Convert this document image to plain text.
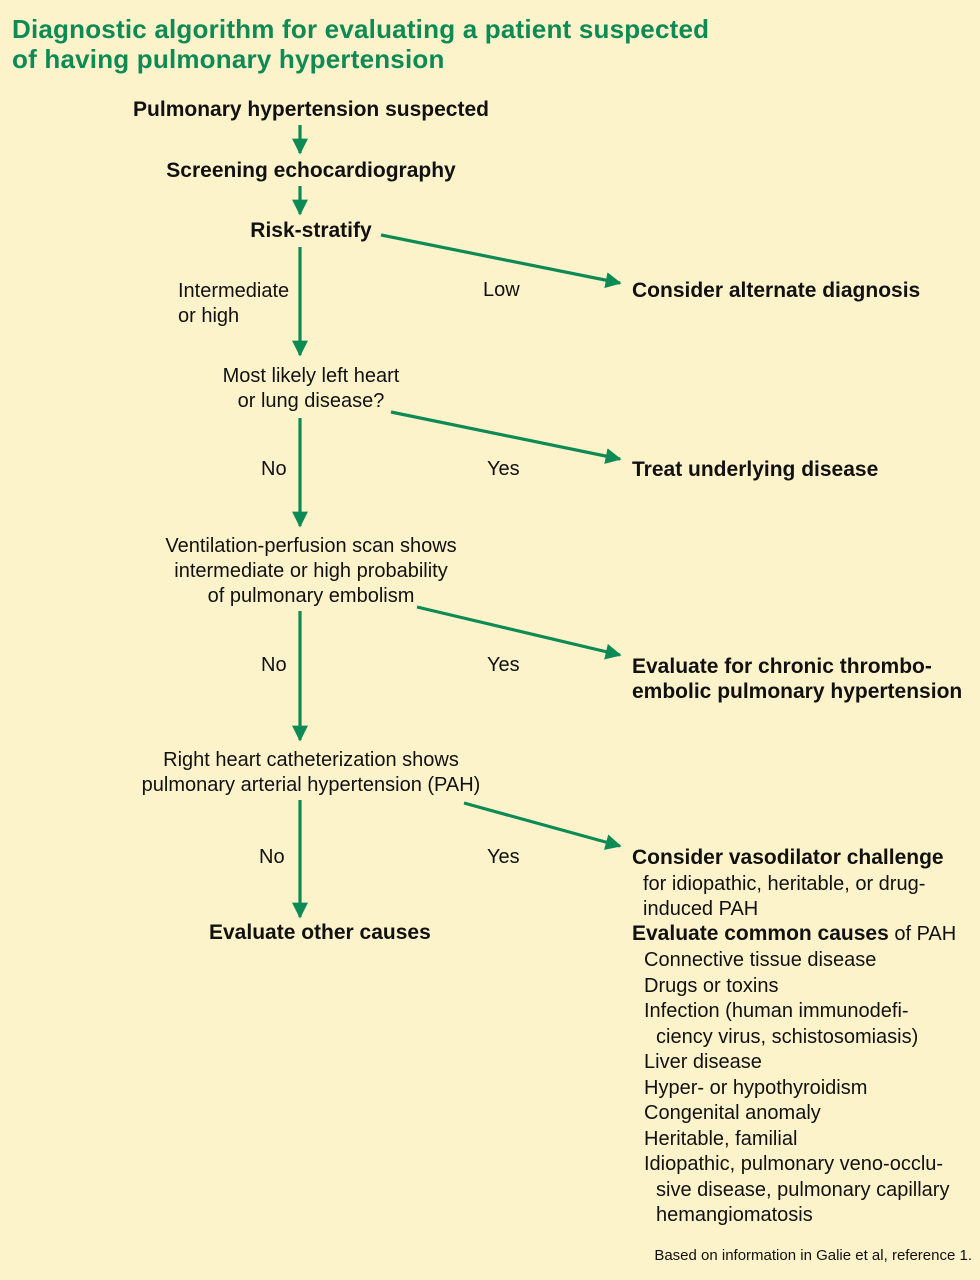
Diagnostic algorithm for evaluating a patient suspected
of having pulmonary hypertension
Pulmonary hypertension suspected
Screening echocardiography
Risk-stratify
Intermediate
or high
Low
Most likely left heart
or lung disease?
No	Yes
Ventilation-perfusion scan shows
intermediate or high probability
of pulmonary embolism
No	Yes
Right heart catheterization shows
pulmonary arterial hypertension (PAH)
No	Yes
Evaluate other causes
Consider alternate diagnosis
Treat underlying disease
Evaluate for chronic thrombo-
embolic pulmonary hypertension
Consider vasodilator challenge
for idiopathic, heritable, or drug-
induced PAH
Evaluate common causes of PAH
Connective tissue disease
Drugs or toxins
Infection (human immunodefi-
ciency virus, schistosomiasis)
Liver disease
Hyper- or hypothyroidism
Congenital anomaly
Heritable, familial
Idiopathic, pulmonary veno-occlu-
sive disease, pulmonary capillary
hemangiomatosis
Based on information in Galie et al, reference 1.
